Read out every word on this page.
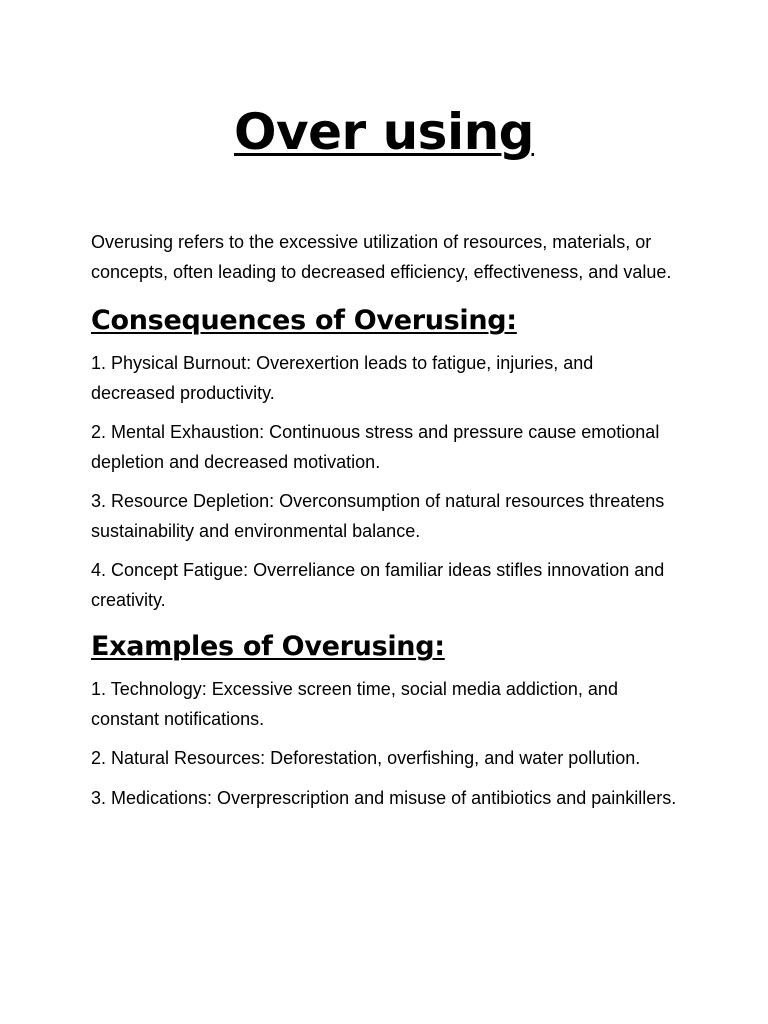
Over using

Overusing refers to the excessive utilization of resources, materials, or concepts, often leading to decreased efficiency, effectiveness, and value.

Consequences of Overusing:
1. Physical Burnout: Overexertion leads to fatigue, injuries, and decreased productivity.
2. Mental Exhaustion: Continuous stress and pressure cause emotional depletion and decreased motivation.
3. Resource Depletion: Overconsumption of natural resources threatens sustainability and environmental balance.
4. Concept Fatigue: Overreliance on familiar ideas stifles innovation and creativity.
Examples of Overusing:
1. Technology: Excessive screen time, social media addiction, and constant notifications.
2. Natural Resources: Deforestation, overfishing, and water pollution.
3. Medications: Overprescription and misuse of antibiotics and painkillers.
